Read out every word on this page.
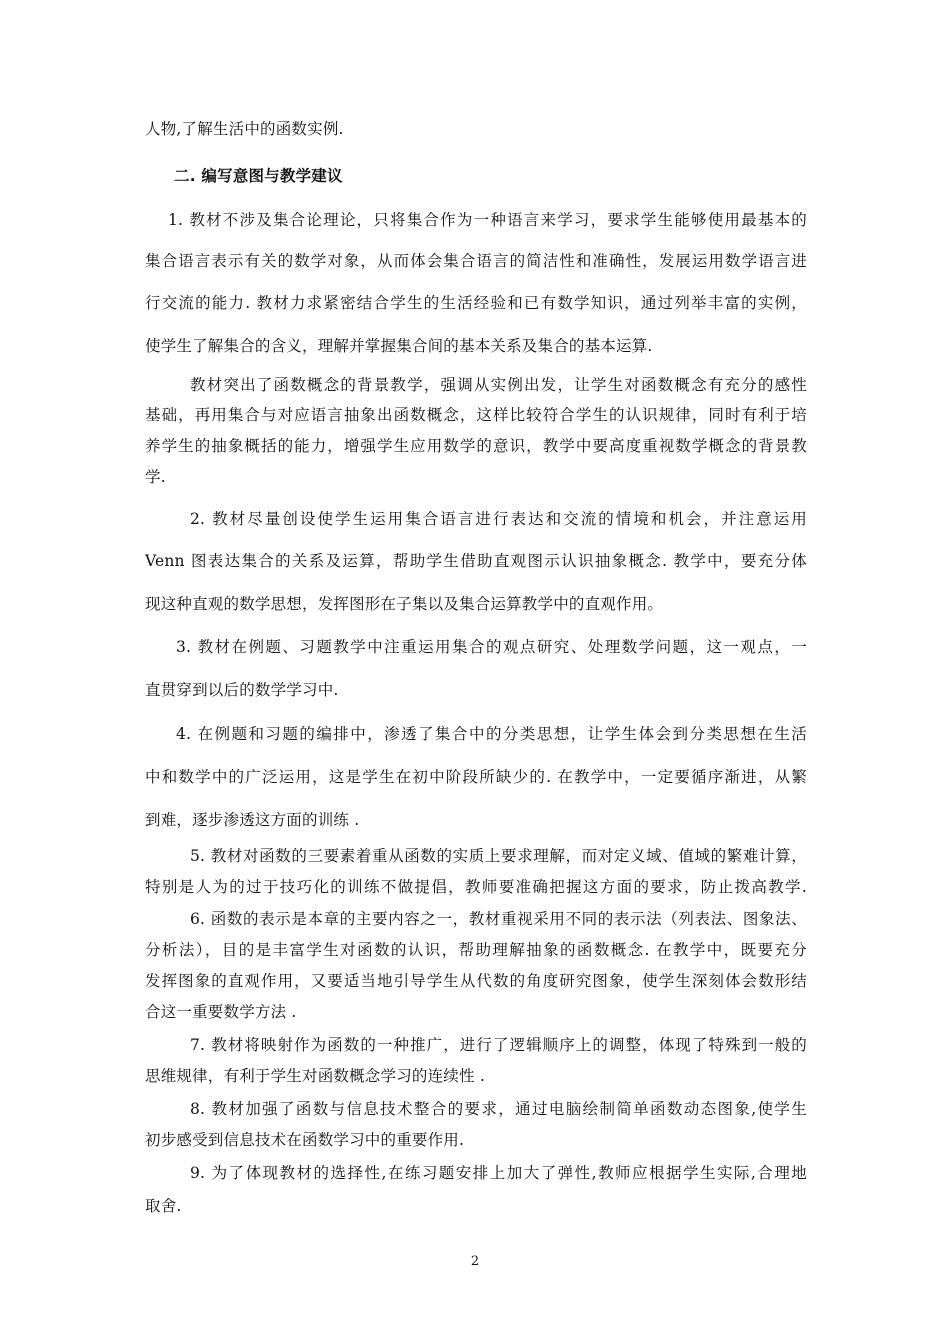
人物,了解生活中的函数实例.
二. 编写意图与教学建议
1. 教材不涉及集合论理论，只将集合作为一种语言来学习，要求学生能够使用最基本的
集合语言表示有关的数学对象，从而体会集合语言的简洁性和准确性，发展运用数学语言进
行交流的能力. 教材力求紧密结合学生的生活经验和已有数学知识，通过列举丰富的实例，
使学生了解集合的含义，理解并掌握集合间的基本关系及集合的基本运算.
教材突出了函数概念的背景教学，强调从实例出发，让学生对函数概念有充分的感性
基础，再用集合与对应语言抽象出函数概念，这样比较符合学生的认识规律，同时有利于培
养学生的抽象概括的能力，增强学生应用数学的意识，教学中要高度重视数学概念的背景教
学.
2. 教材尽量创设使学生运用集合语言进行表达和交流的情境和机会，并注意运用
Venn 图表达集合的关系及运算，帮助学生借助直观图示认识抽象概念. 教学中，要充分体
现这种直观的数学思想，发挥图形在子集以及集合运算教学中的直观作用。
3. 教材在例题、习题教学中注重运用集合的观点研究、处理数学问题，这一观点，一
直贯穿到以后的数学学习中.
4. 在例题和习题的编排中，渗透了集合中的分类思想，让学生体会到分类思想在生活
中和数学中的广泛运用，这是学生在初中阶段所缺少的. 在教学中，一定要循序渐进，从繁
到难，逐步渗透这方面的训练 .
5. 教材对函数的三要素着重从函数的实质上要求理解，而对定义域、值域的繁难计算，
特别是人为的过于技巧化的训练不做提倡，教师要准确把握这方面的要求，防止拨高教学.
6. 函数的表示是本章的主要内容之一，教材重视采用不同的表示法（列表法、图象法、
分析法），目的是丰富学生对函数的认识，帮助理解抽象的函数概念. 在教学中，既要充分
发挥图象的直观作用，又要适当地引导学生从代数的角度研究图象，使学生深刻体会数形结
合这一重要数学方法 .
7. 教材将映射作为函数的一种推广，进行了逻辑顺序上的调整，体现了特殊到一般的
思维规律，有利于学生对函数概念学习的连续性 .
8. 教材加强了函数与信息技术整合的要求，通过电脑绘制简单函数动态图象,使学生
初步感受到信息技术在函数学习中的重要作用.
9. 为了体现教材的选择性,在练习题安排上加大了弹性,教师应根据学生实际,合理地
取舍.
2
